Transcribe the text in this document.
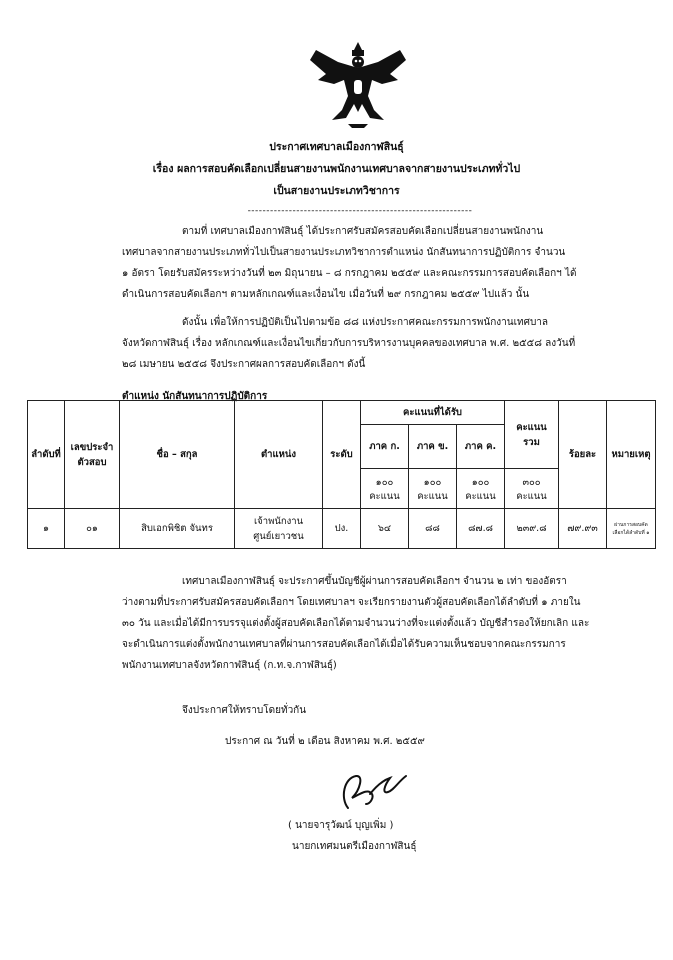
ประกาศเทศบาลเมืองกาฬสินธุ์
เรื่อง ผลการสอบคัดเลือกเปลี่ยนสายงานพนักงานเทศบาลจากสายงานประเภททั่วไป
เป็นสายงานประเภทวิชาการ
------------------------------------------------------------
ตามที่ เทศบาลเมืองกาฬสินธุ์ ได้ประกาศรับสมัครสอบคัดเลือกเปลี่ยนสายงานพนักงาน
เทศบาลจากสายงานประเภททั่วไปเป็นสายงานประเภทวิชาการตำแหน่ง นักสันทนาการปฏิบัติการ จำนวน
๑ อัตรา โดยรับสมัครระหว่างวันที่ ๒๓ มิถุนายน – ๘ กรกฎาคม ๒๕๕๙ และคณะกรรมการสอบคัดเลือกฯ ได้
ดำเนินการสอบคัดเลือกฯ ตามหลักเกณฑ์และเงื่อนไข เมื่อวันที่ ๒๙ กรกฎาคม ๒๕๕๙ ไปแล้ว นั้น
ดังนั้น เพื่อให้การปฏิบัติเป็นไปตามข้อ ๘๘ แห่งประกาศคณะกรรมการพนักงานเทศบาล
จังหวัดกาฬสินธุ์ เรื่อง หลักเกณฑ์และเงื่อนไขเกี่ยวกับการบริหารงานบุคคลของเทศบาล พ.ศ. ๒๕๕๘ ลงวันที่
๒๘ เมษายน ๒๕๕๘ จึงประกาศผลการสอบคัดเลือกฯ ดังนี้
ตำแหน่ง นักสันทนาการปฏิบัติการ
ลำดับที่	เลขประจำตัวสอบ	ชื่อ – สกุล	ตำแหน่ง	ระดับ	คะแนนที่ได้รับ			คะแนนรวม	ร้อยละ	หมายเหตุ
					ภาค ก.	ภาค ข.	ภาค ค.			
					๑๐๐ คะแนน	๑๐๐ คะแนน	๑๐๐ คะแนน	๓๐๐ คะแนน		
๑	๐๑	สิบเอกพิชิต จันทร	เจ้าพนักงานศูนย์เยาวชน	ปง.	๖๔	๘๘	๘๗.๘	๒๓๙.๘	๗๙.๙๓	ผ่านการสอบคัดเลือกได้ลำดับที่ ๑
เทศบาลเมืองกาฬสินธุ์ จะประกาศขึ้นบัญชีผู้ผ่านการสอบคัดเลือกฯ จำนวน ๒ เท่า ของอัตรา
ว่างตามที่ประกาศรับสมัครสอบคัดเลือกฯ โดยเทศบาลฯ จะเรียกรายงานตัวผู้สอบคัดเลือกได้ลำดับที่ ๑ ภายใน
๓๐ วัน และเมื่อได้มีการบรรจุแต่งตั้งผู้สอบคัดเลือกได้ตามจำนวนว่างที่จะแต่งตั้งแล้ว บัญชีสำรองให้ยกเลิก และ
จะดำเนินการแต่งตั้งพนักงานเทศบาลที่ผ่านการสอบคัดเลือกได้เมื่อได้รับความเห็นชอบจากคณะกรรมการ
พนักงานเทศบาลจังหวัดกาฬสินธุ์ (ก.ท.จ.กาฬสินธุ์)
จึงประกาศให้ทราบโดยทั่วกัน
ประกาศ ณ วันที่ ๒ เดือน สิงหาคม พ.ศ. ๒๕๕๙
( นายจารุวัฒน์ บุญเพิ่ม )
นายกเทศมนตรีเมืองกาฬสินธุ์
